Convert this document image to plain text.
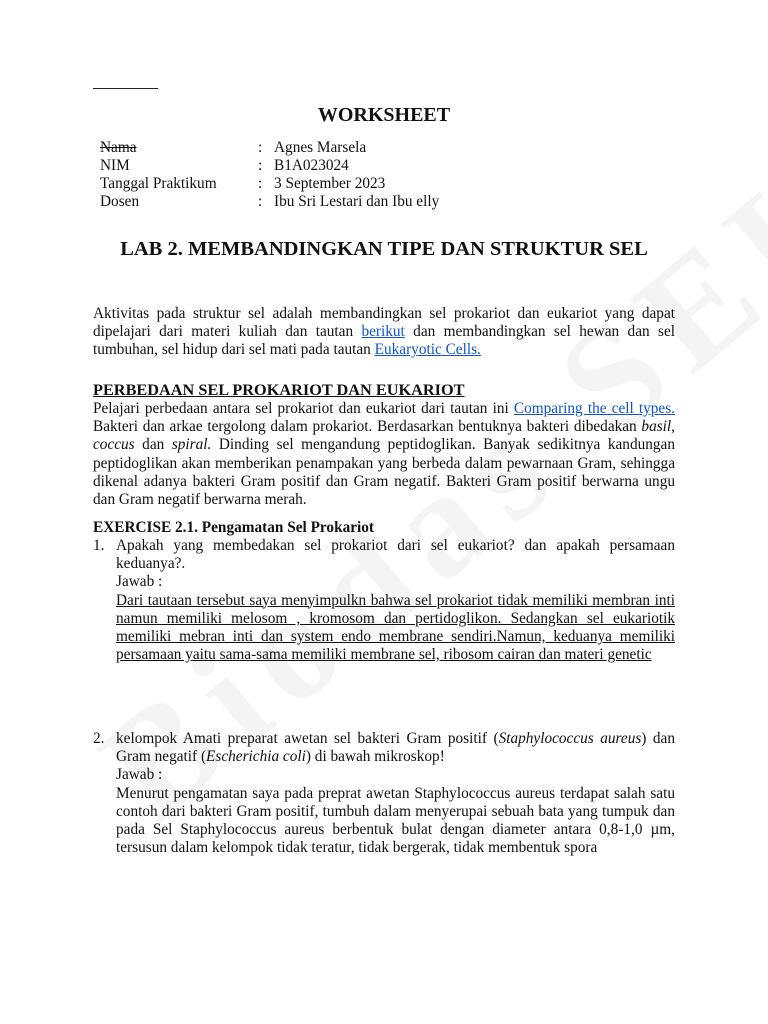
WORKSHEET
Nama	: Agnes Marsela
NIM	: B1A023024
Tanggal Praktikum	: 3 September 2023
Dosen	: Ibu Sri Lestari dan Ibu elly
LAB 2. MEMBANDINGKAN TIPE DAN STRUKTUR SEL
Aktivitas pada struktur sel adalah membandingkan sel prokariot dan eukariot yang dapat dipelajari dari materi kuliah dan tautan berikut dan membandingkan sel hewan dan sel tumbuhan, sel hidup dari sel mati pada tautan Eukaryotic Cells.
PERBEDAAN SEL PROKARIOT DAN EUKARIOT
Pelajari perbedaan antara sel prokariot dan eukariot dari tautan ini Comparing the cell types. Bakteri dan arkae tergolong dalam prokariot. Berdasarkan bentuknya bakteri dibedakan basil, coccus dan spiral. Dinding sel mengandung peptidoglikan. Banyak sedikitnya kandungan peptidoglikan akan memberikan penampakan yang berbeda dalam pewarnaan Gram, sehingga dikenal adanya bakteri Gram positif dan Gram negatif. Bakteri Gram positif berwarna ungu dan Gram negatif berwarna merah.
EXERCISE 2.1. Pengamatan Sel Prokariot
1. Apakah yang membedakan sel prokariot dari sel eukariot? dan apakah persamaan keduanya?.
Jawab :
Dari tautaan tersebut saya menyimpulkn bahwa sel prokariot tidak memiliki membran inti namun memiliki melosom , kromosom dan pertidoglikon. Sedangkan sel eukariotik memiliki mebran inti dan system endo membrane sendiri.Namun, keduanya memiliki persamaan yaitu sama-sama memiliki membrane sel, ribosom cairan dan materi genetic
2. kelompok Amati preparat awetan sel bakteri Gram positif (Staphylococcus aureus) dan Gram negatif (Escherichia coli) di bawah mikroskop!
Jawab :
Menurut pengamatan saya pada preprat awetan Staphylococcus aureus terdapat salah satu contoh dari bakteri Gram positif, tumbuh dalam menyerupai sebuah bata yang tumpuk dan pada Sel Staphylococcus aureus berbentuk bulat dengan diameter antara 0,8-1,0 µm, tersusun dalam kelompok tidak teratur, tidak bergerak, tidak membentuk spora
